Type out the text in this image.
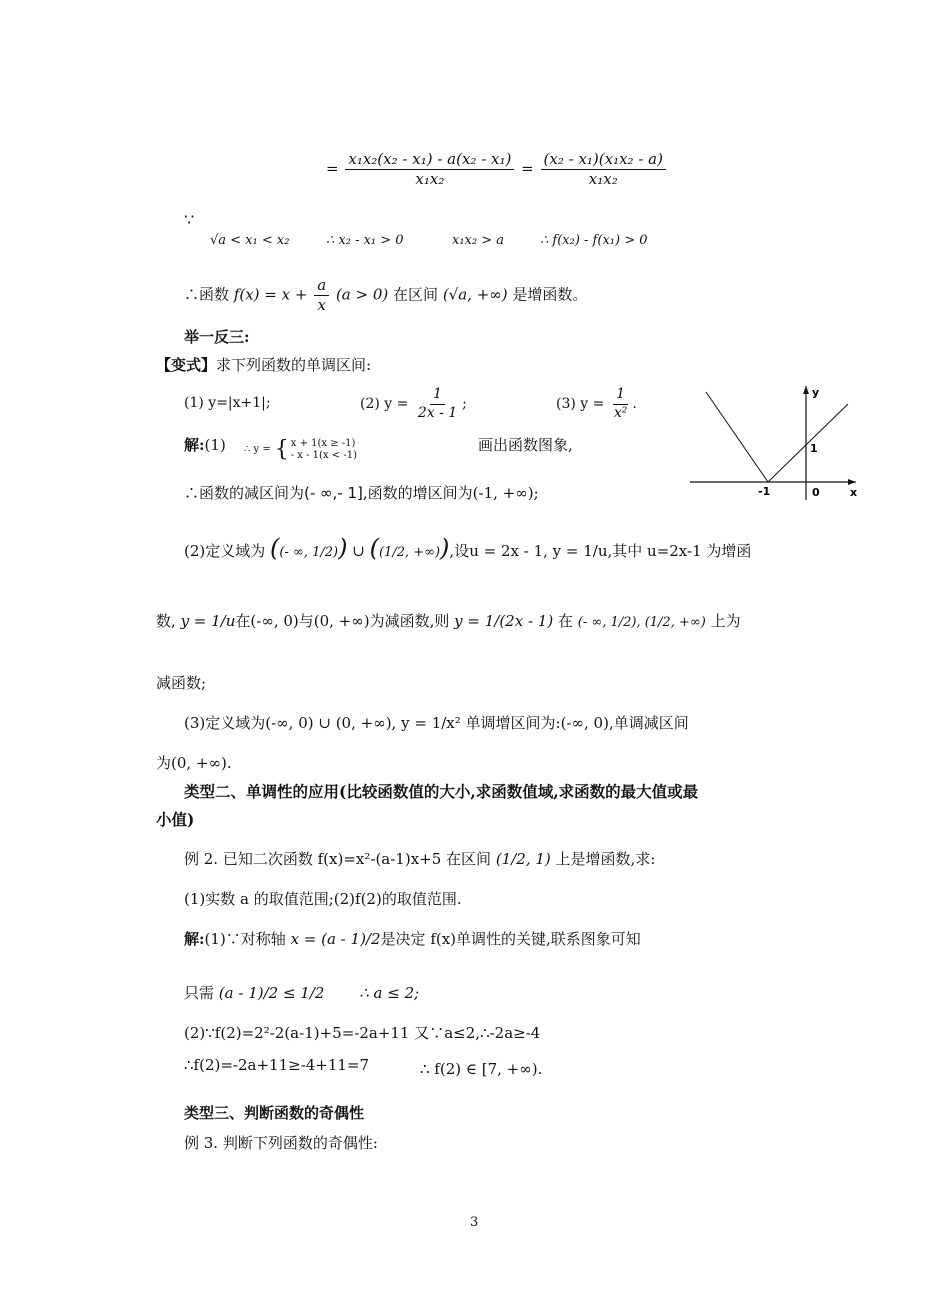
= $\frac{\text{x₁x₂(x₂ - x₁) - a(x₂ - x₁)}}{\text{x₁x₂}} = \frac{\text{(x₂ - x₁)(x₁x₂ - a)}}{\text{x₁x₂}}$
∵
√a < x₁ < x₂	∴ x₂ - x₁ > 0	x₁x₂ > a	∴ f(x₂) - f(x₁) > 0
∴函数 $f(x) = x + \frac{a}{x} (a > 0)$ 在区间 (√a, +∞) 是增函数。
举一反三:
【变式】求下列函数的单调区间:
(1) y=|x+1|;	(2) $y = \frac{1}{2x - 1}$ ;	(3) $y = \frac{1}{\text{x²}}$ .
解:(1) ∴ y = { x + 1(x ≥ -1)
- x - 1(x < -1)
画出函数图象,
∴函数的减区间为(- ∞,- 1],函数的增区间为(-1, +∞);
y
x
1
-1	0
(2)定义域为 ((- ∞, 1/2)) ∪ ((1/2, +∞)),设u = 2x - 1, y = 1/u,其中 u=2x-1 为增函
数, y = 1/u在(-∞, 0)与(0, +∞)为减函数,则 y = 1/(2x - 1) 在 (- ∞, 1/2), (1/2, +∞) 上为
减函数;
(3)定义域为(-∞, 0) ∪ (0, +∞), y = 1/x² 单调增区间为:(-∞, 0),单调减区间
为(0, +∞).
类型二、单调性的应用(比较函数值的大小,求函数值域,求函数的最大值或最
小值)
例 2. 已知二次函数 f(x)=x²-(a-1)x+5 在区间 (1/2, 1) 上是增函数,求:
(1)实数 a 的取值范围;(2)f(2)的取值范围.
解:(1)∵对称轴 x = (a - 1)/2是决定 f(x)单调性的关键,联系图象可知
只需 (a - 1)/2 ≤ 1/2 ∴ a ≤ 2;
(2)∵f(2)=2²-2(a-1)+5=-2a+11 又∵a≤2,∴-2a≥-4
∴f(2)=-2a+11≥-4+11=7	∴ f(2) ∈ [7, +∞).
类型三、判断函数的奇偶性
例 3. 判断下列函数的奇偶性:
3
